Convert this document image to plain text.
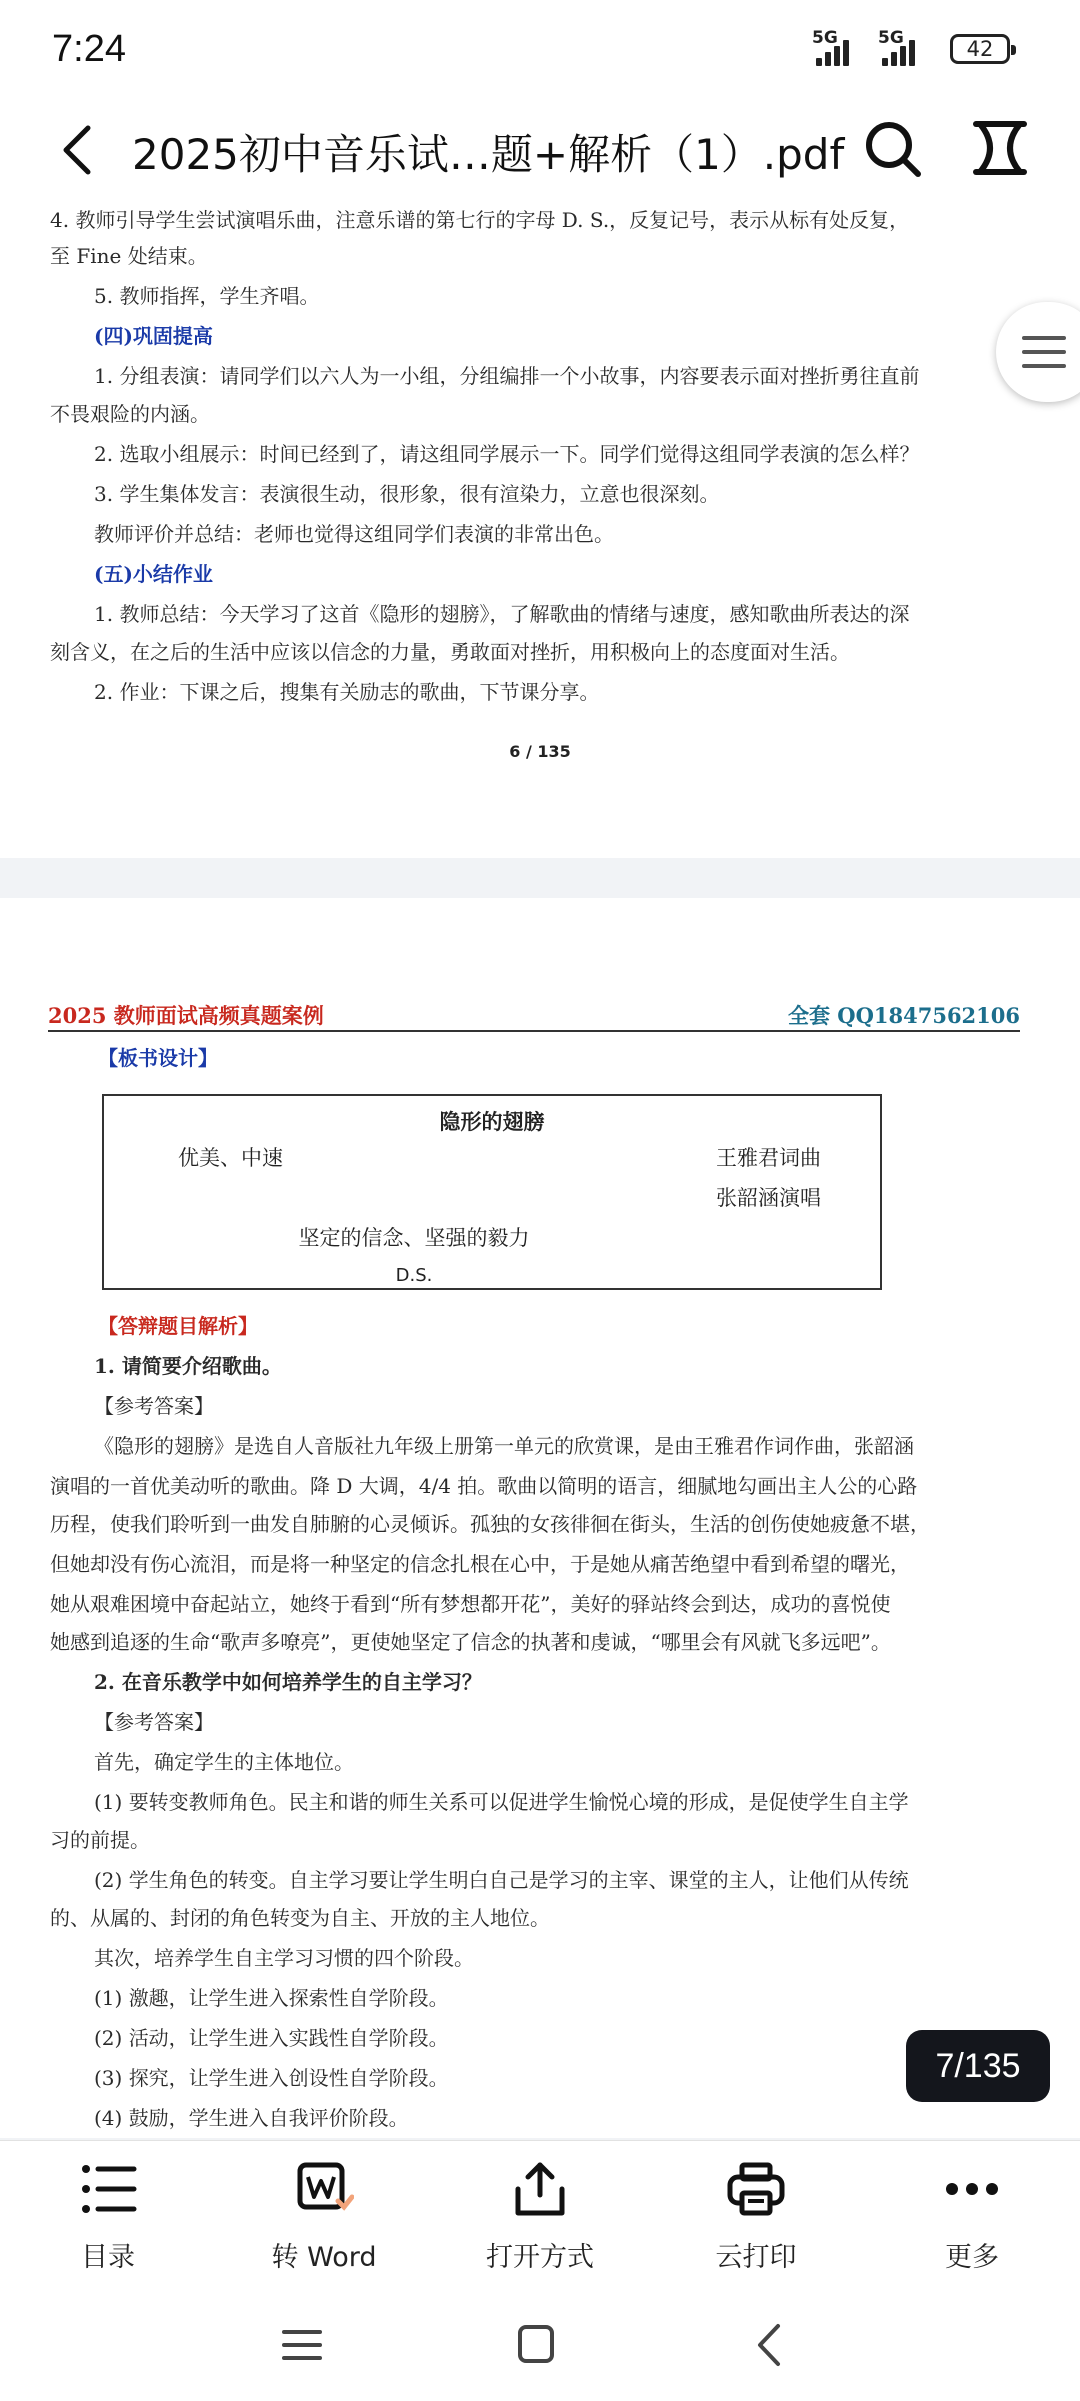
7:24	5G 5G	42
2025初中音乐试…题+解析（1）.pdf
4. 教师引导学生尝试演唱乐曲，注意乐谱的第七行的字母 D. S.，反复记号，表示从标有处反复，
至 Fine 处结束。
5. 教师指挥，学生齐唱。
(四)巩固提高
1. 分组表演：请同学们以六人为一小组，分组编排一个小故事，内容要表示面对挫折勇往直前
不畏艰险的内涵。
2. 选取小组展示：时间已经到了，请这组同学展示一下。同学们觉得这组同学表演的怎么样？
3. 学生集体发言：表演很生动，很形象，很有渲染力，立意也很深刻。
教师评价并总结：老师也觉得这组同学们表演的非常出色。
(五)小结作业
1. 教师总结：今天学习了这首《隐形的翅膀》，了解歌曲的情绪与速度，感知歌曲所表达的深
刻含义，在之后的生活中应该以信念的力量，勇敢面对挫折，用积极向上的态度面对生活。
2. 作业：下课之后，搜集有关励志的歌曲，下节课分享。
6 / 135
2025 教师面试高频真题案例	全套 QQ1847562106
【板书设计】
隐形的翅膀
优美、中速	王雅君词曲
张韶涵演唱
坚定的信念、坚强的毅力
D.S.
【答辩题目解析】
1. 请简要介绍歌曲。
【参考答案】
《隐形的翅膀》是选自人音版社九年级上册第一单元的欣赏课，是由王雅君作词作曲，张韶涵
演唱的一首优美动听的歌曲。降 D 大调，4/4 拍。歌曲以简明的语言，细腻地勾画出主人公的心路
历程，使我们聆听到一曲发自肺腑的心灵倾诉。孤独的女孩徘徊在街头，生活的创伤使她疲惫不堪，
但她却没有伤心流泪，而是将一种坚定的信念扎根在心中，于是她从痛苦绝望中看到希望的曙光，
她从艰难困境中奋起站立，她终于看到“所有梦想都开花”，美好的驿站终会到达，成功的喜悦使
她感到追逐的生命“歌声多嘹亮”，更使她坚定了信念的执著和虔诚，“哪里会有风就飞多远吧”。
2. 在音乐教学中如何培养学生的自主学习？
【参考答案】
首先，确定学生的主体地位。
(1) 要转变教师角色。民主和谐的师生关系可以促进学生愉悦心境的形成，是促使学生自主学
习的前提。
(2) 学生角色的转变。自主学习要让学生明白自己是学习的主宰、课堂的主人，让他们从传统
的、从属的、封闭的角色转变为自主、开放的主人地位。
其次，培养学生自主学习习惯的四个阶段。
(1) 激趣，让学生进入探索性自学阶段。
(2) 活动，让学生进入实践性自学阶段。
(3) 探究，让学生进入创设性自学阶段。
(4) 鼓励，学生进入自我评价阶段。
7/135
目录	转 Word	打开方式	云打印	更多
